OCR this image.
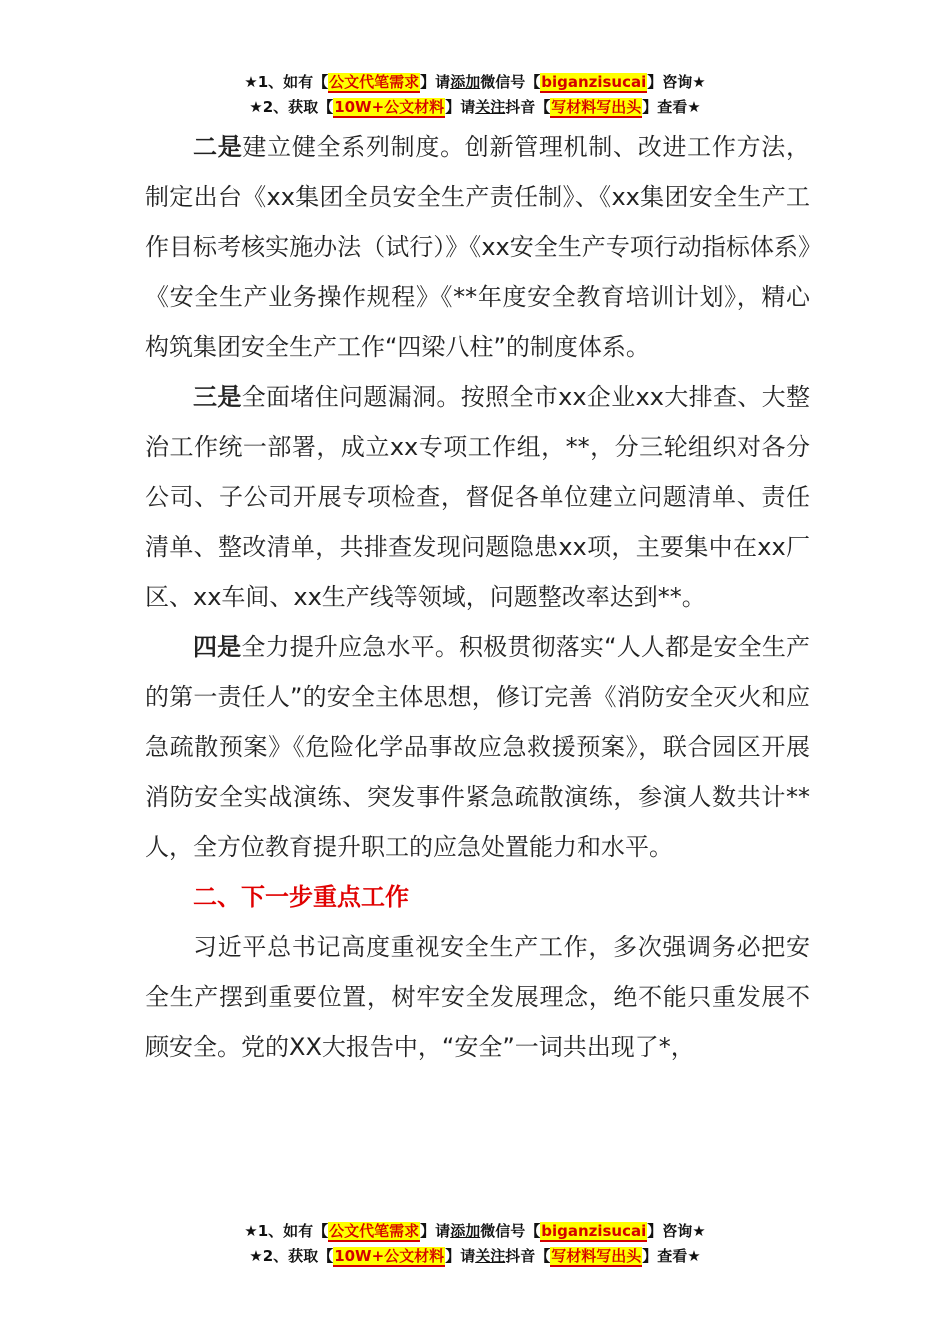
★1、如有【公文代笔需求】请添加微信号【biganzisucai】咨询★
★2、获取【10W+公文材料】请关注抖音【写材料写出头】查看★

二是建立健全系列制度。创新管理机制、改进工作方法，制定出台《xx集团全员安全生产责任制》、《xx集团安全生产工作目标考核实施办法（试行）》《xx安全生产专项行动指标体系》《安全生产业务操作规程》《**年度安全教育培训计划》，精心构筑集团安全生产工作“四梁八柱”的制度体系。

三是全面堵住问题漏洞。按照全市xx企业xx大排查、大整治工作统一部署，成立xx专项工作组，**，分三轮组织对各分公司、子公司开展专项检查，督促各单位建立问题清单、责任清单、整改清单，共排查发现问题隐患xx项，主要集中在xx厂区、xx车间、xx生产线等领域，问题整改率达到**。

四是全力提升应急水平。积极贯彻落实“人人都是安全生产的第一责任人”的安全主体思想，修订完善《消防安全灭火和应急疏散预案》《危险化学品事故应急救援预案》，联合园区开展消防安全实战演练、突发事件紧急疏散演练，参演人数共计**人，全方位教育提升职工的应急处置能力和水平。

二、下一步重点工作

习近平总书记高度重视安全生产工作，多次强调务必把安全生产摆到重要位置，树牢安全发展理念，绝不能只重发展不顾安全。党的XX大报告中，“安全”一词共出现了*，

★1、如有【公文代笔需求】请添加微信号【biganzisucai】咨询★
★2、获取【10W+公文材料】请关注抖音【写材料写出头】查看★
